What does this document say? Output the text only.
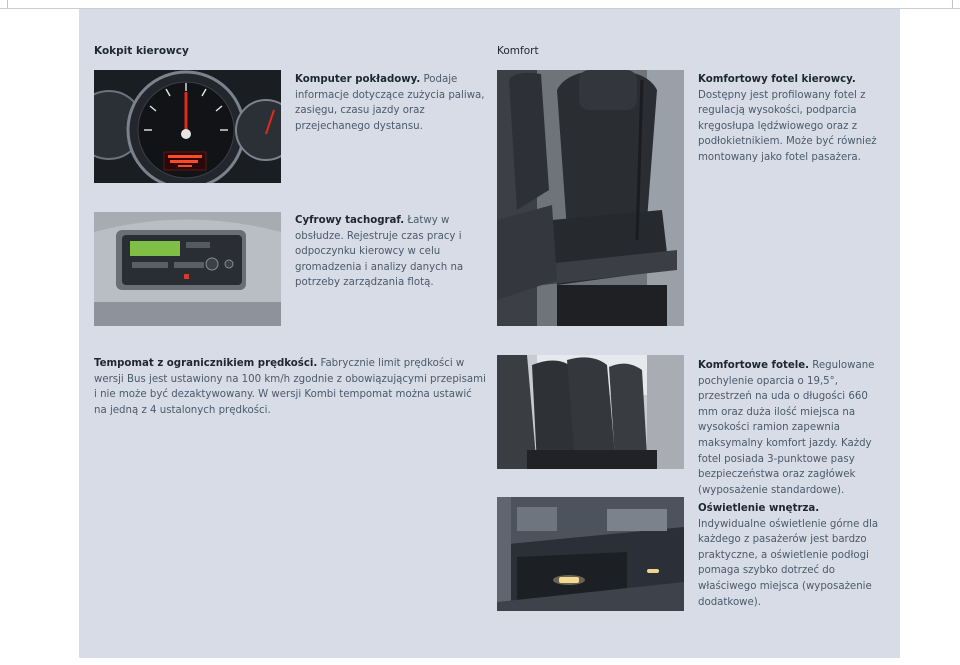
Kokpit kierowcy	Komfort
Komputer pokładowy. Podaje informacje dotyczące zużycia paliwa, zasięgu, czasu jazdy oraz przejechanego dystansu.
Cyfrowy tachograf. Łatwy w obsłudze. Rejestruje czas pracy i odpoczynku kierowcy w celu gromadzenia i analizy danych na potrzeby zarządzania flotą.
Tempomat z ogranicznikiem prędkości. Fabrycznie limit prędkości w wersji Bus jest ustawiony na 100 km/h zgodnie z obowiązującymi przepisami i nie może być dezaktywowany. W wersji Kombi tempomat można ustawić na jedną z 4 ustalonych prędkości.
Komfortowy fotel kierowcy. Dostępny jest profilowany fotel z regulacją wysokości, podparcia kręgosłupa lędźwiowego oraz z podłokietnikiem. Może być również montowany jako fotel pasażera.
Komfortowe fotele. Regulowane pochylenie oparcia o 19,5°, przestrzeń na uda o długości 660 mm oraz duża ilość miejsca na wysokości ramion zapewnia maksymalny komfort jazdy. Każdy fotel posiada 3-punktowe pasy bezpieczeństwa oraz zagłówek (wyposażenie standardowe).
Oświetlenie wnętrza. Indywidualne oświetlenie górne dla każdego z pasażerów jest bardzo praktyczne, a oświetlenie podłogi pomaga szybko dotrzeć do właściwego miejsca (wyposażenie dodatkowe).
